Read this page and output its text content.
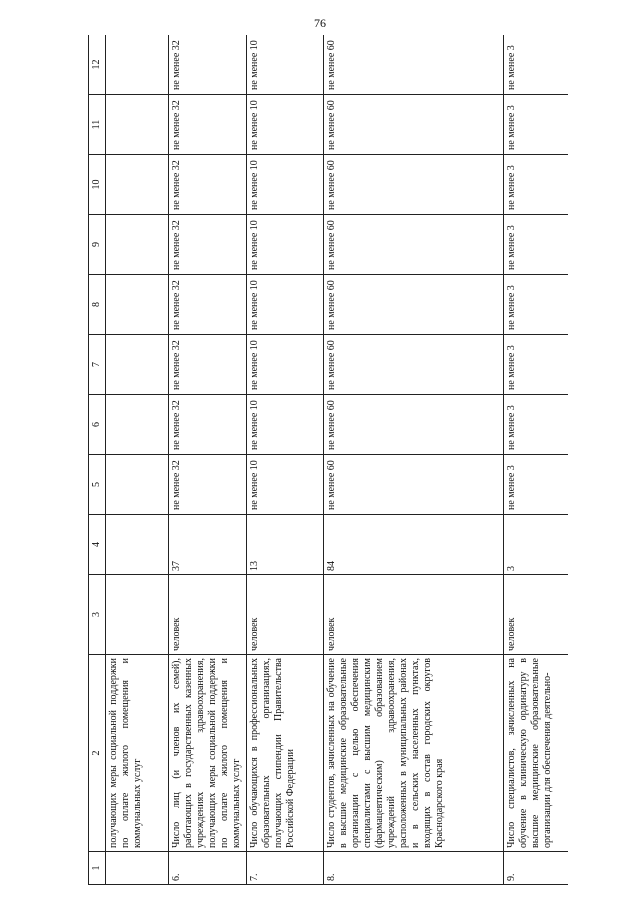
76
1	2	3	4	5	6	7	8	9	10	11	12
	получающих меры социальной поддержки по оплате жилого помещения и коммунальных услуг										
6.	Число лиц (и членов их семей), работающих в государственных казенных учреждениях здравоохранения, получающих меры социальной поддержки по оплате жилого помещения и коммунальных услуг	человек	37	не менее 32	не менее 32	не менее 32	не менее 32	не менее 32	не менее 32	не менее 32	не менее 32
7.	Число обучающихся в профессиональных образовательных организациях, получающих стипендии Правительства Российской Федерации	человек	13	не менее 10	не менее 10	не менее 10	не менее 10	не менее 10	не менее 10	не менее 10	не менее 10
8.	Число студентов, зачисленных на обучение в высшие медицинские образовательные организации с целью обеспечения специалистами с высшим медицинским (фармацевтическим) образованием учреждений здравоохранения, расположенных в муниципальных районах и в сельских населенных пунктах, входящих в состав городских округов Краснодарского края	человек	84	не менее 60	не менее 60	не менее 60	не менее 60	не менее 60	не менее 60	не менее 60	не менее 60
9.	Число специалистов, зачисленных на обучение в клиническую ординатуру в высшие медицинские образовательные организации для обеспечения деятельно-	человек	3	не менее 3	не менее 3	не менее 3	не менее 3	не менее 3	не менее 3	не менее 3	не менее 3
